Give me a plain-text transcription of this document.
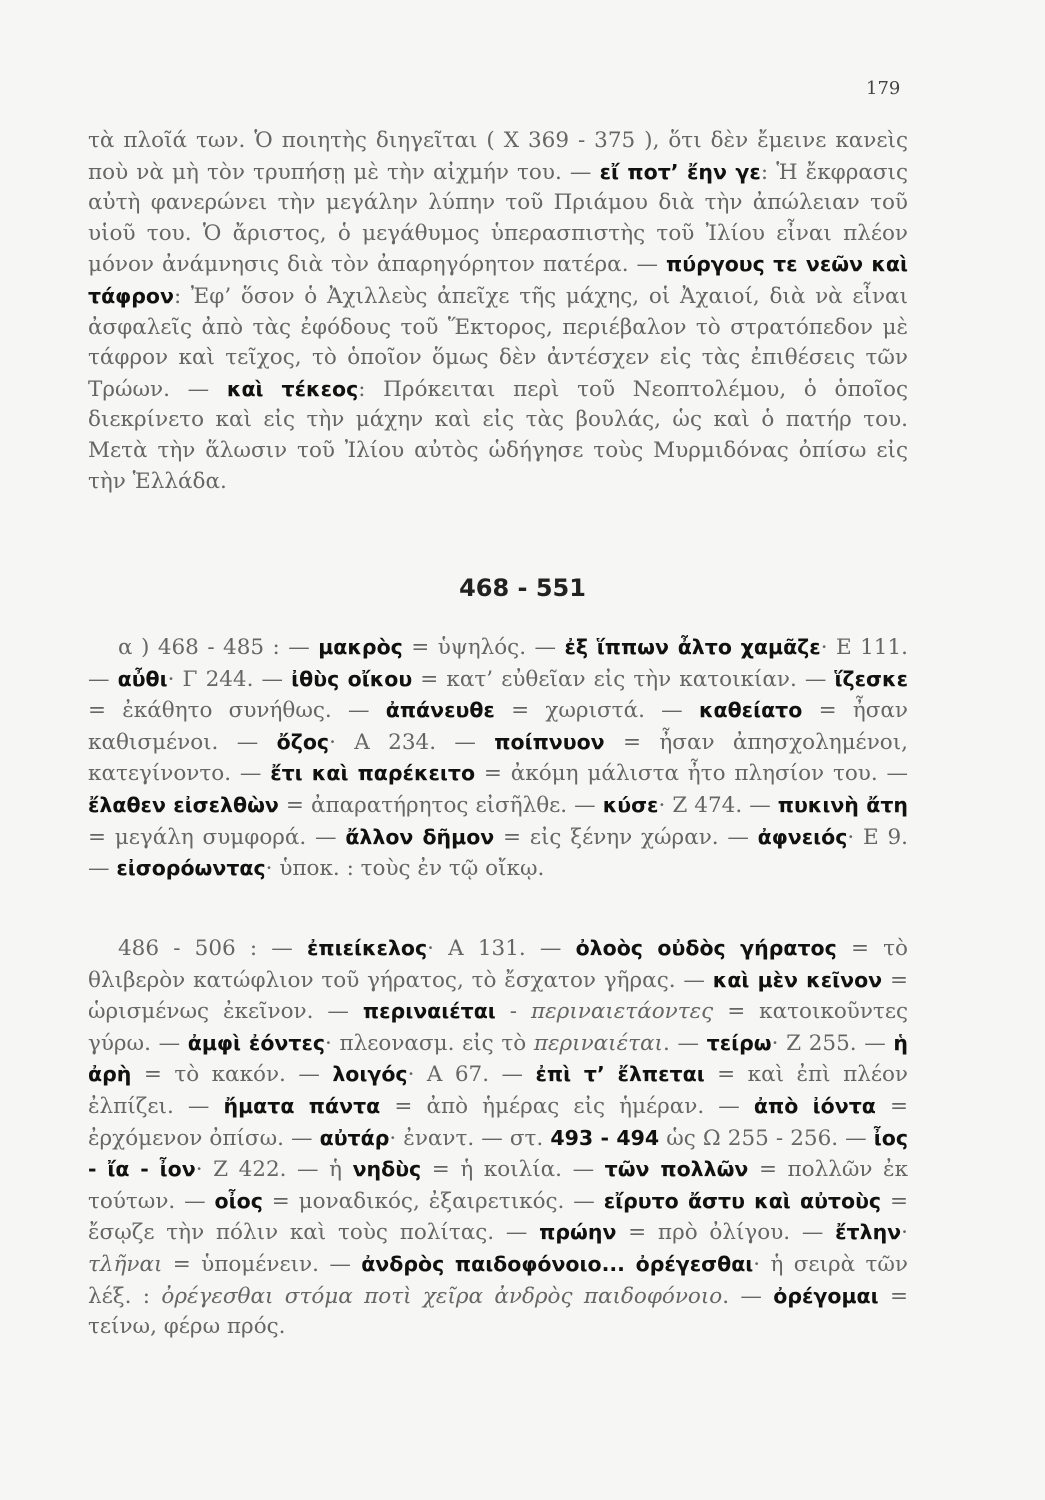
179

τὰ πλοῖά των. Ὁ ποιητὴς διηγεῖται ( Χ 369 - 375 ), ὅτι δὲν ἔμεινε κανεὶς ποὺ νὰ μὴ τὸν τρυπήσῃ μὲ τὴν αἰχμήν του. — εἴ ποτ’ ἔην γε: Ἡ ἔκφρασις αὐτὴ φανερώνει τὴν μεγάλην λύπην τοῦ Πριάμου διὰ τὴν ἀπώλειαν τοῦ υἱοῦ του. Ὁ ἄριστος, ὁ μεγάθυμος ὑπερασπιστὴς τοῦ Ἰλίου εἶναι πλέον μόνον ἀνάμνησις διὰ τὸν ἀπαρηγόρητον πατέρα. — πύργους τε νεῶν καὶ τάφρον: Ἐφ’ ὅσον ὁ Ἀχιλλεὺς ἀπεῖχε τῆς μάχης, οἱ Ἀχαιοί, διὰ νὰ εἶναι ἀσφαλεῖς ἀπὸ τὰς ἐφόδους τοῦ Ἕκτορος, περιέβαλον τὸ στρατόπεδον μὲ τάφρον καὶ τεῖχος, τὸ ὁποῖον ὅμως δὲν ἀντέσχεν εἰς τὰς ἐπιθέσεις τῶν Τρώων. — καὶ τέκεος: Πρόκειται περὶ τοῦ Νεοπτολέμου, ὁ ὁποῖος διεκρίνετο καὶ εἰς τὴν μάχην καὶ εἰς τὰς βουλάς, ὡς καὶ ὁ πατήρ του. Μετὰ τὴν ἅλωσιν τοῦ Ἰλίου αὐτὸς ὡδήγησε τοὺς Μυρμιδόνας ὀπίσω εἰς τὴν Ἑλλάδα.

468 - 551

α ) 468 - 485 : — μακρὸς = ὑψηλός. — ἐξ ἵππων ἆλτο χαμᾶζε· Ε 111. — αὖθι· Γ 244. — ἰθὺς οἴκου = κατ’ εὐθεῖαν εἰς τὴν κατοικίαν. — ἵζεσκε = ἐκάθητο συνήθως. — ἀπάνευθε = χωριστά. — καθείατο = ἦσαν καθισμένοι. — ὄζος· Α 234. — ποίπνυον = ἦσαν ἀπησχολημένοι, κατεγίνοντο. — ἔτι καὶ παρέκειτο = ἀκόμη μάλιστα ἦτο πλησίον του. — ἔλαθεν εἰσελθὼν = ἀπαρατήρητος εἰσῆλθε. — κύσε· Ζ 474. — πυκινὴ ἄτη = μεγάλη συμφορά. — ἄλλον δῆμον = εἰς ξένην χώραν. — ἀφνειός· Ε 9. — εἰσορόωντας· ὑποκ. : τοὺς ἐν τῷ οἴκῳ.

486 - 506 : — ἐπιείκελος· Α 131. — ὀλοὸς οὐδὸς γήρατος = τὸ θλιβερὸν κατώφλιον τοῦ γήρατος, τὸ ἔσχατον γῆρας. — καὶ μὲν κεῖνον = ὡρισμένως ἐκεῖνον. — περιναιέται - περιναιετάοντες = κατοικοῦντες γύρω. — ἀμφὶ ἐόντες· πλεονασμ. εἰς τὸ περιναιέται. — τείρω· Ζ 255. — ἡ ἀρὴ = τὸ κακόν. — λοιγός· Α 67. — ἐπὶ τ’ ἔλπεται = καὶ ἐπὶ πλέον ἐλπίζει. — ἤματα πάντα = ἀπὸ ἡμέρας εἰς ἡμέραν. — ἀπὸ ἰόντα = ἐρχόμενον ὀπίσω. — αὐτάρ· ἐναντ. — στ. 493 - 494 ὡς Ω 255 - 256. — ἶος - ἴα - ἶον· Ζ 422. — ἡ νηδὺς = ἡ κοιλία. — τῶν πολλῶν = πολλῶν ἐκ τούτων. — οἶος = μοναδικός, ἐξαιρετικός. — εἴρυτο ἄστυ καὶ αὐτοὺς = ἔσῳζε τὴν πόλιν καὶ τοὺς πολίτας. — πρώην = πρὸ ὀλίγου. — ἔτλην· τλῆναι = ὑπομένειν. — ἀνδρὸς παιδοφόνοιο... ὀρέγεσθαι· ἡ σειρὰ τῶν λέξ. : ὀρέγεσθαι στόμα ποτὶ χεῖρα ἀνδρὸς παιδοφόνοιο. — ὀρέγομαι = τείνω, φέρω πρός.
